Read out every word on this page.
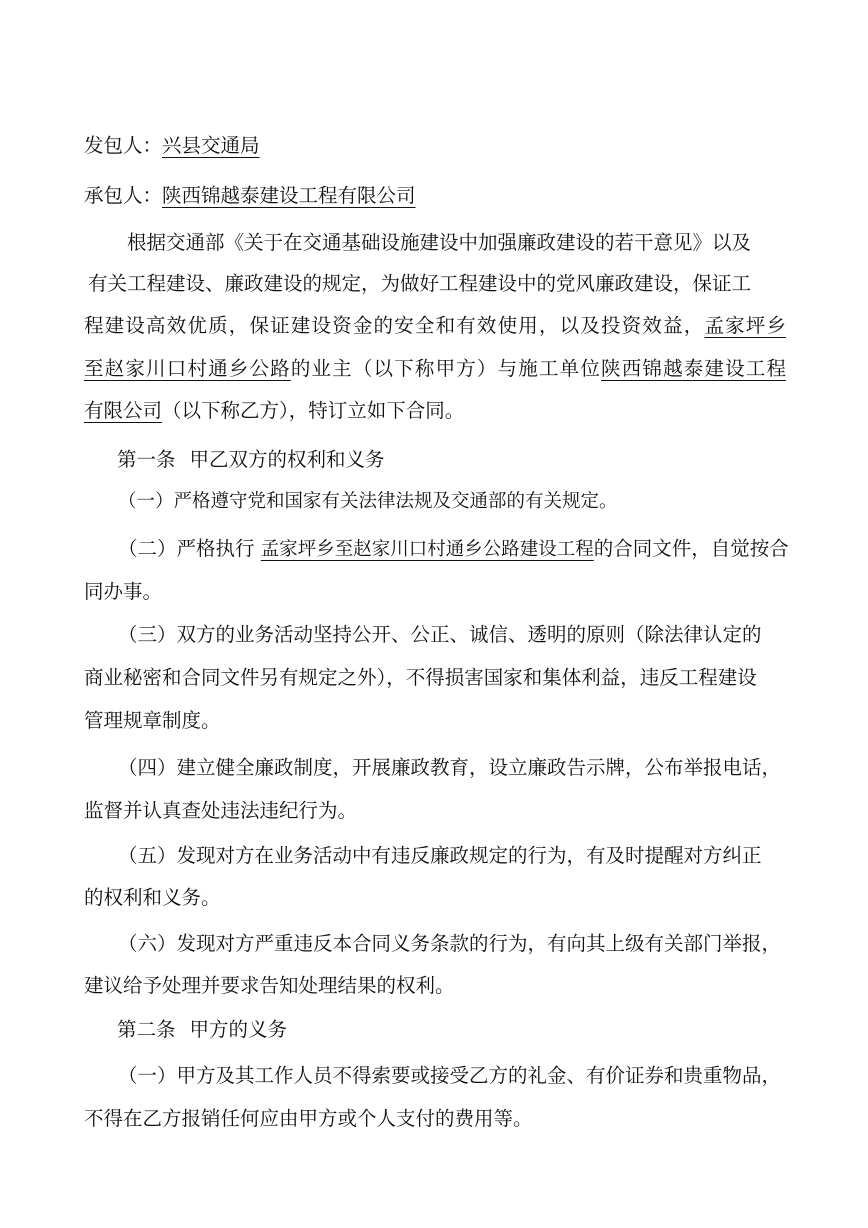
发包人：兴县交通局
承包人：陕西锦越泰建设工程有限公司
根据交通部《关于在交通基础设施建设中加强廉政建设的若干意见》以及
有关工程建设、廉政建设的规定，为做好工程建设中的党风廉政建设，保证工
程建设高效优质，保证建设资金的安全和有效使用，以及投资效益，孟家坪乡
至赵家川口村通乡公路的业主（以下称甲方）与施工单位陕西锦越泰建设工程
有限公司（以下称乙方），特订立如下合同。
第一条 甲乙双方的权利和义务
（一）严格遵守党和国家有关法律法规及交通部的有关规定。
（二）严格执行 孟家坪乡至赵家川口村通乡公路建设工程的合同文件，自觉按合
同办事。
（三）双方的业务活动坚持公开、公正、诚信、透明的原则（除法律认定的
商业秘密和合同文件另有规定之外），不得损害国家和集体利益，违反工程建设
管理规章制度。
（四）建立健全廉政制度，开展廉政教育，设立廉政告示牌，公布举报电话，
监督并认真查处违法违纪行为。
（五）发现对方在业务活动中有违反廉政规定的行为，有及时提醒对方纠正
的权利和义务。
（六）发现对方严重违反本合同义务条款的行为，有向其上级有关部门举报，
建议给予处理并要求告知处理结果的权利。
第二条 甲方的义务
（一）甲方及其工作人员不得索要或接受乙方的礼金、有价证券和贵重物品，
不得在乙方报销任何应由甲方或个人支付的费用等。
